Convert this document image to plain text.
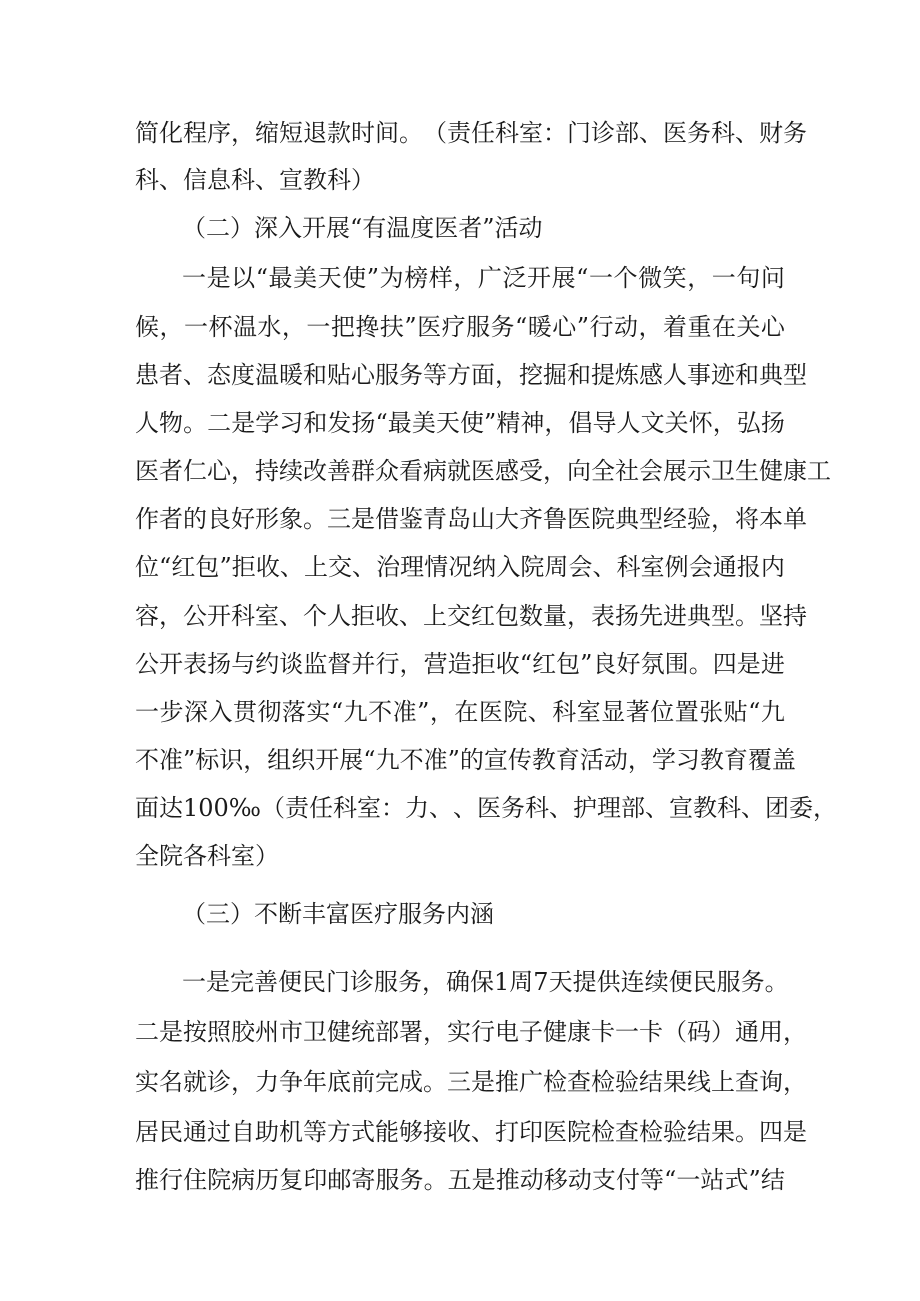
简 化 程 序 ， 缩 短 退 款 时 间 。 （ 责 任 科 室 ： 门 诊 部 、 医 务 科 、 财 务
科、信息科、宣教科）
（二）深入开展“有温度医者”活动
一 是 以 “ 最 美 天 使 ” 为 榜 样 ， 广 泛 开 展 “ 一 个 微 笑 ， 一 句 问
候 ， 一 杯 温 水 ， 一 把 搀 扶 ” 医 疗 服 务 “ 暖 心 ” 行 动 ， 着 重 在 关 心
患 者 、 态 度 温 暖 和 贴 心 服 务 等 方 面 ， 挖 掘 和 提 炼 感 人 事 迹 和 典 型
人 物 。 二 是 学 习 和 发 扬 “ 最 美 天 使 ” 精 神 ， 倡 导 人 文 关 怀 ， 弘 扬
医 者 仁 心 ， 持 续 改 善 群 众 看 病 就 医 感 受 ， 向 全 社 会 展 示 卫 生 健 康 工
作 者 的 良 好 形 象 。 三 是 借 鉴 青 岛 山 大 齐 鲁 医 院 典 型 经 验 ， 将 本 单
位 “ 红 包 ” 拒 收 、 上 交 、 治 理 情 况 纳 入 院 周 会 、 科 室 例 会 通 报 内
容 ， 公 开 科 室 、 个 人 拒 收 、 上 交 红 包 数 量 ， 表 扬 先 进 典 型 。 坚 持
公 开 表 扬 与 约 谈 监 督 并 行 ， 营 造 拒 收 “ 红 包 ” 良 好 氛 围 。 四 是 进
一 步 深 入 贯 彻 落 实 “ 九 不 准 ” ， 在 医 院 、 科 室 显 著 位 置 张 贴 “ 九
不 准 ” 标 识 ， 组 织 开 展 “ 九 不 准 ” 的 宣 传 教 育 活 动 ， 学 习 教 育 覆 盖
面 达 100‰ （ 责 任 科 室 ： 力 、 、 医 务 科 、 护 理 部 、 宣 教 科 、 团 委 ，
全院各科室）
（三）不断丰富医疗服务内涵
一 是 完 善 便 民 门 诊 服 务 ， 确 保 1 周 7 天 提 供 连 续 便 民 服 务 。
二 是 按 照 胶 州 市 卫 健 统 部 署 ， 实 行 电 子 健 康 卡 一 卡 （ 码 ） 通 用 ，
实 名 就 诊 ， 力 争 年 底 前 完 成 。 三 是 推 广 检 查 检 验 结 果 线 上 查 询 ，
居 民 通 过 自 助 机 等 方 式 能 够 接 收 、 打 印 医 院 检 查 检 验 结 果 。 四 是
推 行 住 院 病 历 复 印 邮 寄 服 务 。 五 是 推 动 移 动 支 付 等 “ 一 站 式 ” 结
